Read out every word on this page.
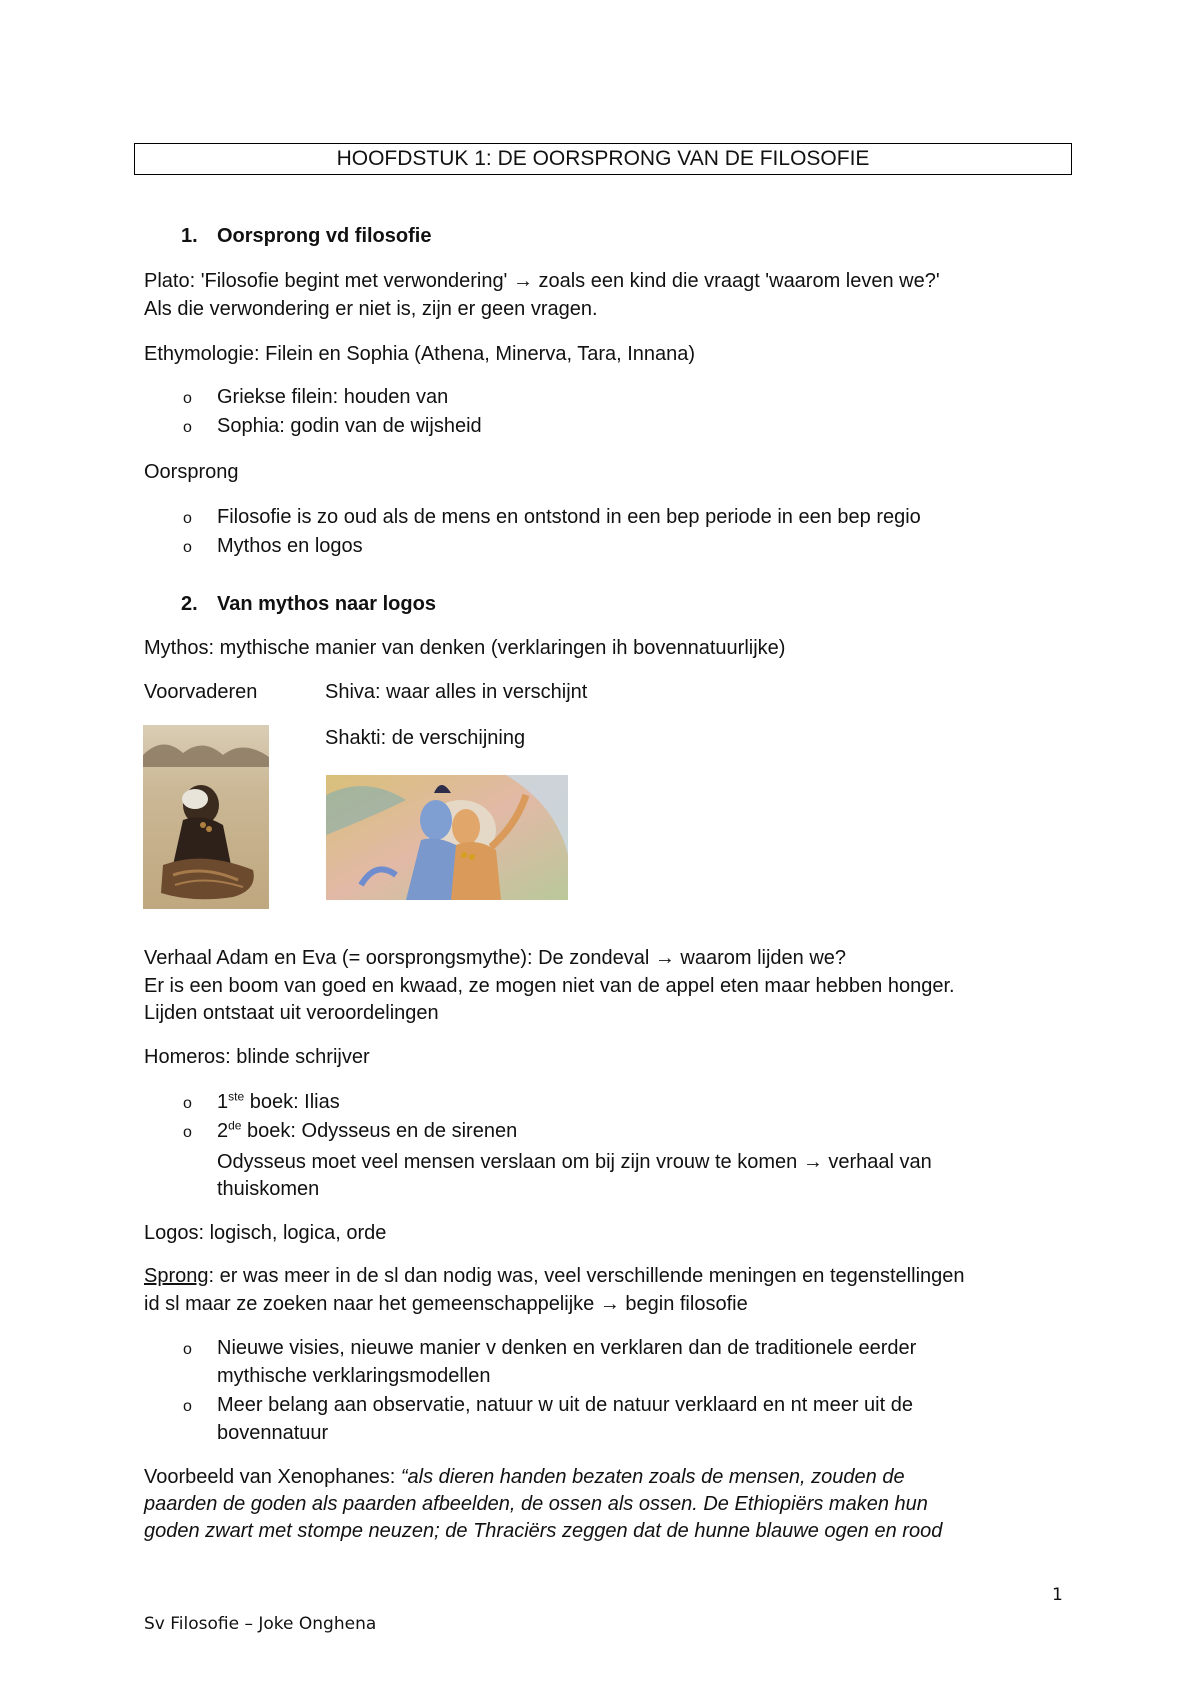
HOOFDSTUK 1: DE OORSPRONG VAN DE FILOSOFIE
1. Oorsprong vd filosofie
Plato: 'Filosofie begint met verwondering' → zoals een kind die vraagt 'waarom leven we?'
Als die verwondering er niet is, zijn er geen vragen.
Ethymologie: Filein en Sophia (Athena, Minerva, Tara, Innana)
o Griekse filein: houden van
o Sophia: godin van de wijsheid
Oorsprong
o Filosofie is zo oud als de mens en ontstond in een bep periode in een bep regio
o Mythos en logos
2. Van mythos naar logos
Mythos: mythische manier van denken (verklaringen ih bovennatuurlijke)
Voorvaderen	Shiva: waar alles in verschijnt
Shakti: de verschijning
Verhaal Adam en Eva (= oorsprongsmythe): De zondeval → waarom lijden we?
Er is een boom van goed en kwaad, ze mogen niet van de appel eten maar hebben honger.
Lijden ontstaat uit veroordelingen
Homeros: blinde schrijver
o 1ste boek: Ilias
o 2de boek: Odysseus en de sirenen
Odysseus moet veel mensen verslaan om bij zijn vrouw te komen → verhaal van
thuiskomen
Logos: logisch, logica, orde
Sprong: er was meer in de sl dan nodig was, veel verschillende meningen en tegenstellingen
id sl maar ze zoeken naar het gemeenschappelijke → begin filosofie
o Nieuwe visies, nieuwe manier v denken en verklaren dan de traditionele eerder
mythische verklaringsmodellen
o Meer belang aan observatie, natuur w uit de natuur verklaard en nt meer uit de
bovennatuur
Voorbeeld van Xenophanes: “als dieren handen bezaten zoals de mensen, zouden de
paarden de goden als paarden afbeelden, de ossen als ossen. De Ethiopiërs maken hun
goden zwart met stompe neuzen; de Thraciërs zeggen dat de hunne blauwe ogen en rood
1
Sv Filosofie – Joke Onghena
